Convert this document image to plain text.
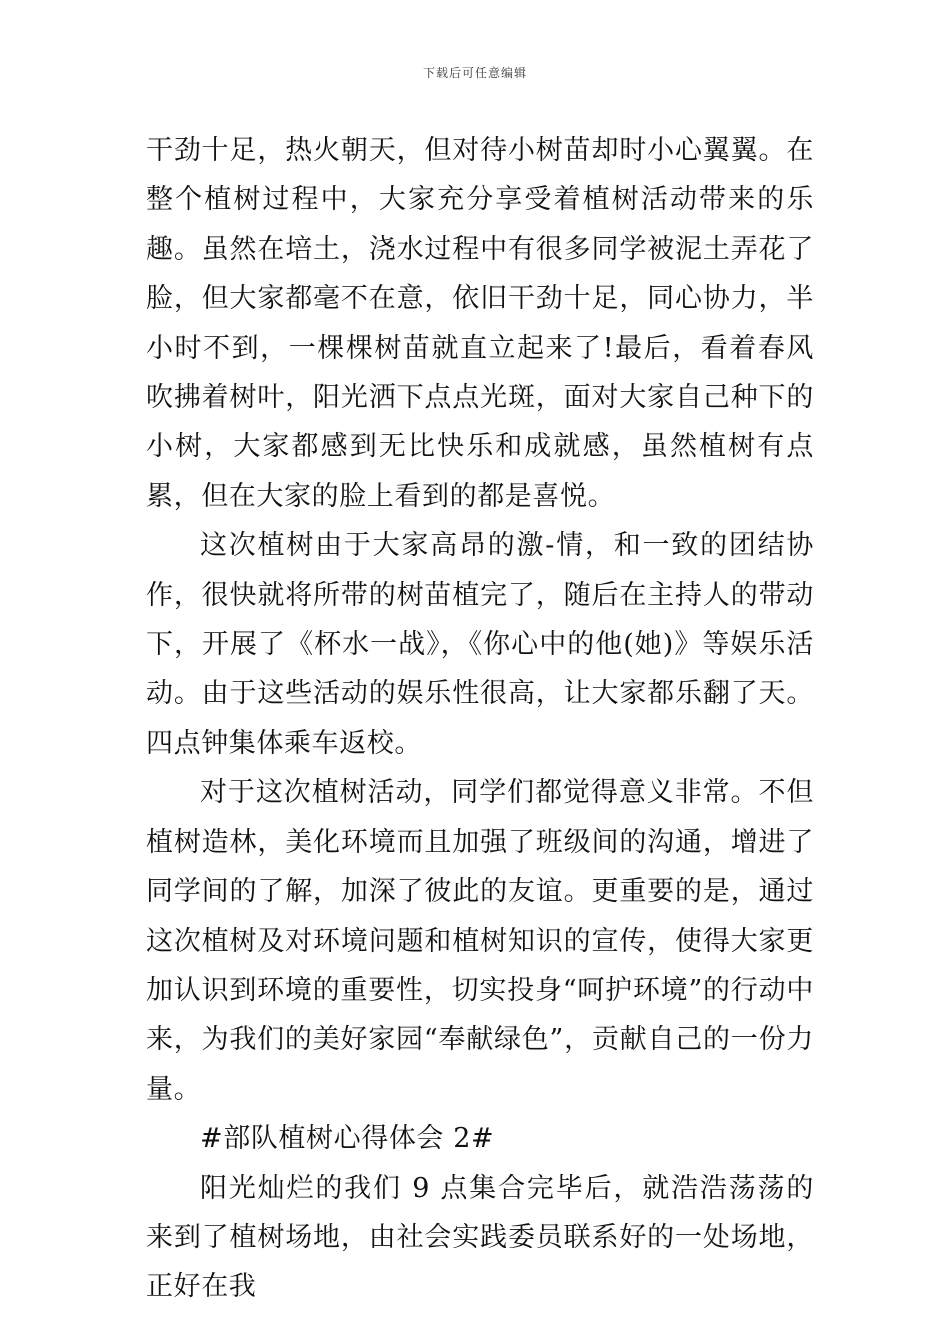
下载后可任意编辑

干劲十足，热火朝天，但对待小树苗却时小心翼翼。在整个植树过程中，大家充分享受着植树活动带来的乐趣。虽然在培土，浇水过程中有很多同学被泥土弄花了脸，但大家都毫不在意，依旧干劲十足，同心协力，半小时不到，一棵棵树苗就直立起来了!最后，看着春风吹拂着树叶，阳光洒下点点光斑，面对大家自己种下的小树，大家都感到无比快乐和成就感，虽然植树有点累，但在大家的脸上看到的都是喜悦。

这次植树由于大家高昂的激-情，和一致的团结协作，很快就将所带的树苗植完了，随后在主持人的带动下，开展了《杯水一战》，《你心中的他(她)》等娱乐活动。由于这些活动的娱乐性很高，让大家都乐翻了天。四点钟集体乘车返校。

对于这次植树活动，同学们都觉得意义非常。不但植树造林，美化环境而且加强了班级间的沟通，增进了同学间的了解，加深了彼此的友谊。更重要的是，通过这次植树及对环境问题和植树知识的宣传，使得大家更加认识到环境的重要性，切实投身“呵护环境”的行动中来，为我们的美好家园“奉献绿色”，贡献自己的一份力量。

#部队植树心得体会 2#

阳光灿烂的我们 9 点集合完毕后，就浩浩荡荡的来到了植树场地，由社会实践委员联系好的一处场地，正好在我
